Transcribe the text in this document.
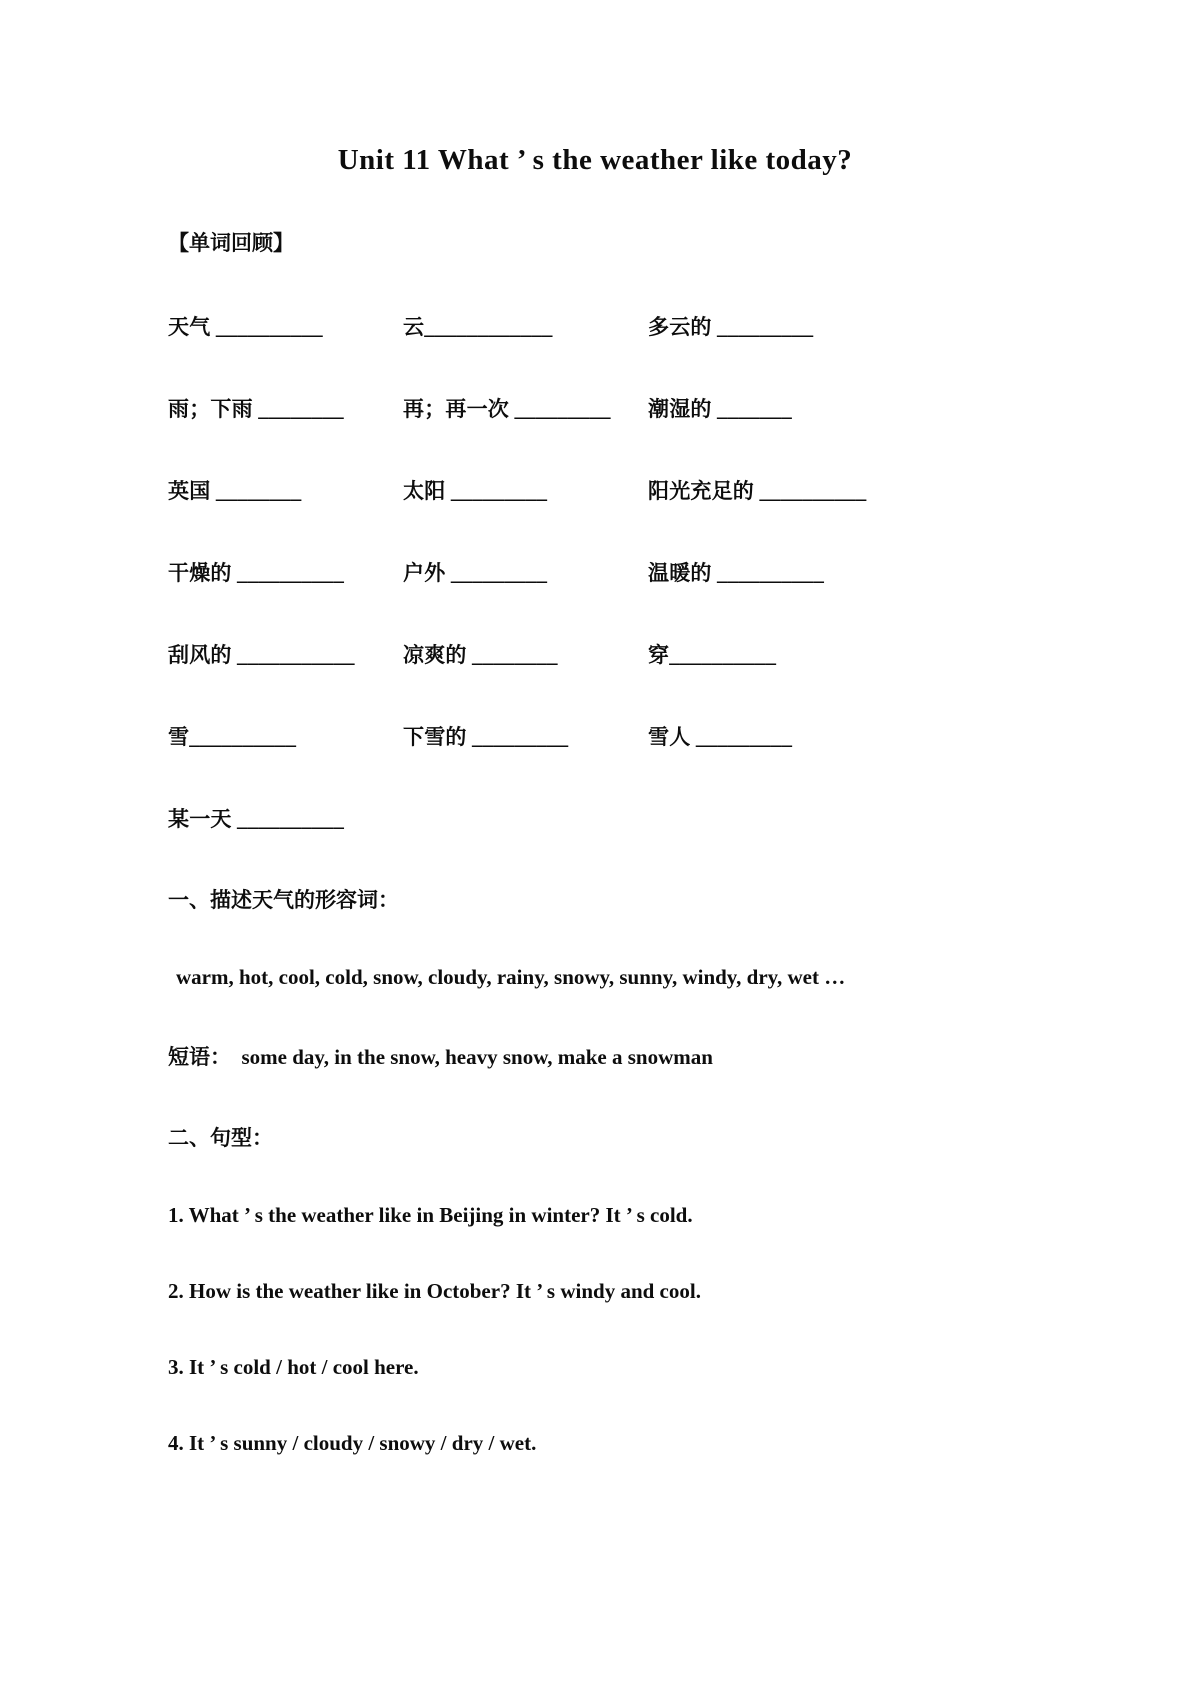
Unit 11 What ’ s the weather like today?
【单词回顾】
天气 __________	云____________	多云的 _________
雨；下雨 ________	再；再一次 _________	潮湿的 _______
英国 ________	太阳 _________	阳光充足的 __________
干燥的 __________	户外 _________	温暖的 __________
刮风的 ___________	凉爽的 ________	穿__________
雪__________	下雪的 _________	雪人 _________
某一天 __________
一、描述天气的形容词：
warm, hot, cool, cold, snow, cloudy, rainy, snowy, sunny, windy, dry, wet …
短语：  some day, in the snow, heavy snow, make a snowman
二、句型：
1. What ’ s the weather like in Beijing in winter? It ’ s cold.
2. How is the weather like in October? It ’ s windy and cool.
3. It ’ s cold / hot / cool here.
4. It ’ s sunny / cloudy / snowy / dry / wet.
